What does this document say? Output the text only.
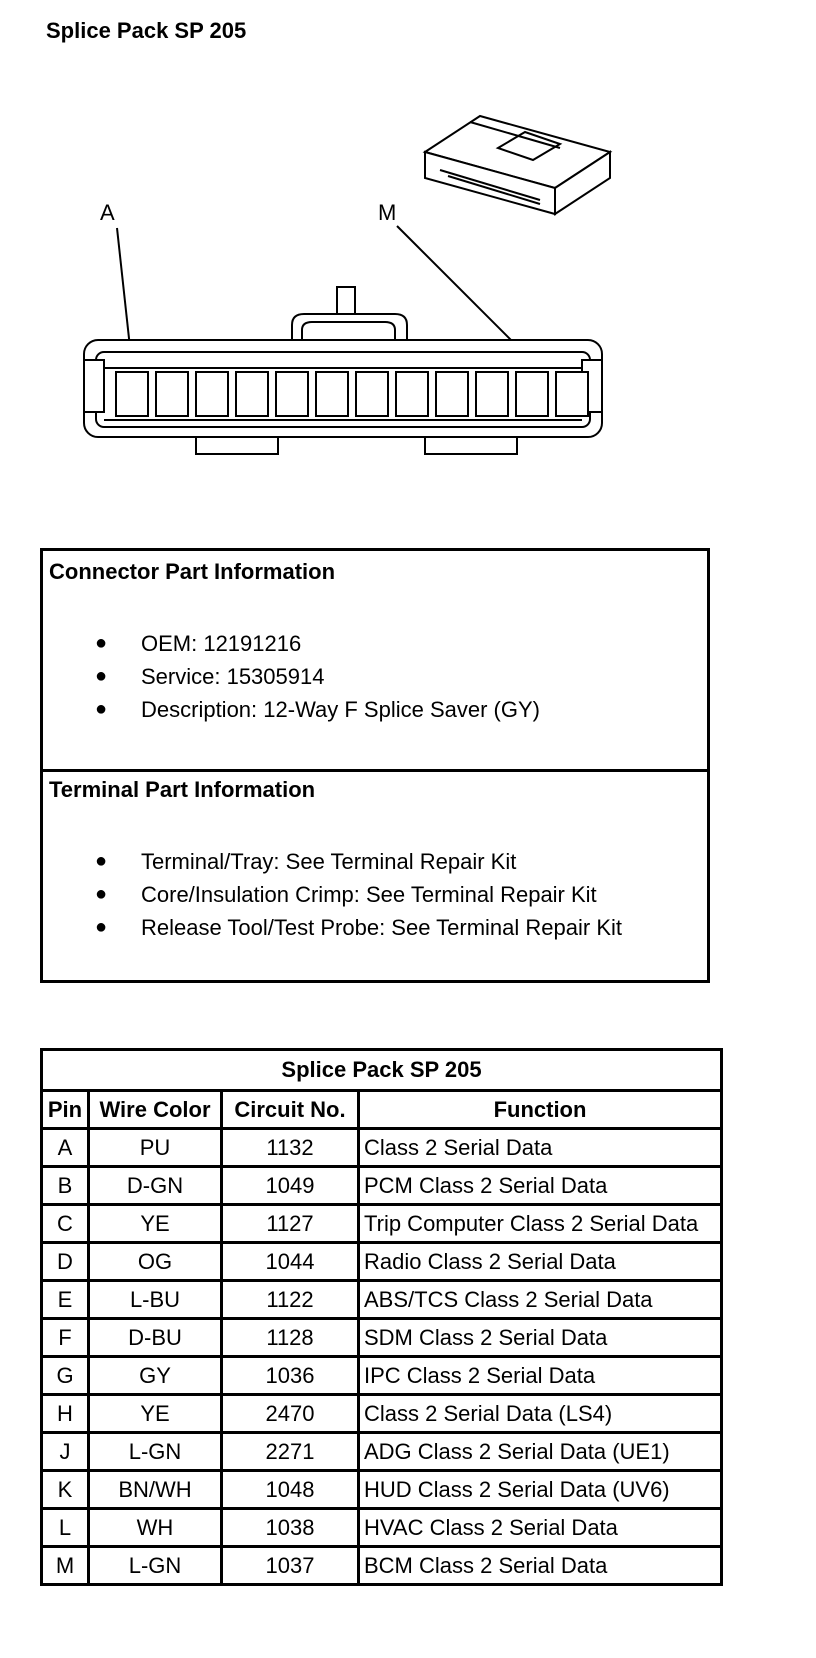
Splice Pack SP 205
A	M
Connector Part Information
● OEM: 12191216
● Service: 15305914
● Description: 12-Way F Splice Saver (GY)
Terminal Part Information
● Terminal/Tray: See Terminal Repair Kit
● Core/Insulation Crimp: See Terminal Repair Kit
● Release Tool/Test Probe: See Terminal Repair Kit
Splice Pack SP 205			
Pin	Wire Color	Circuit No.	Function
A	PU	1132	Class 2 Serial Data
B	D-GN	1049	PCM Class 2 Serial Data
C	YE	1127	Trip Computer Class 2 Serial Data
D	OG	1044	Radio Class 2 Serial Data
E	L-BU	1122	ABS/TCS Class 2 Serial Data
F	D-BU	1128	SDM Class 2 Serial Data
G	GY	1036	IPC Class 2 Serial Data
H	YE	2470	Class 2 Serial Data (LS4)
J	L-GN	2271	ADG Class 2 Serial Data (UE1)
K	BN/WH	1048	HUD Class 2 Serial Data (UV6)
L	WH	1038	HVAC Class 2 Serial Data
M	L-GN	1037	BCM Class 2 Serial Data
